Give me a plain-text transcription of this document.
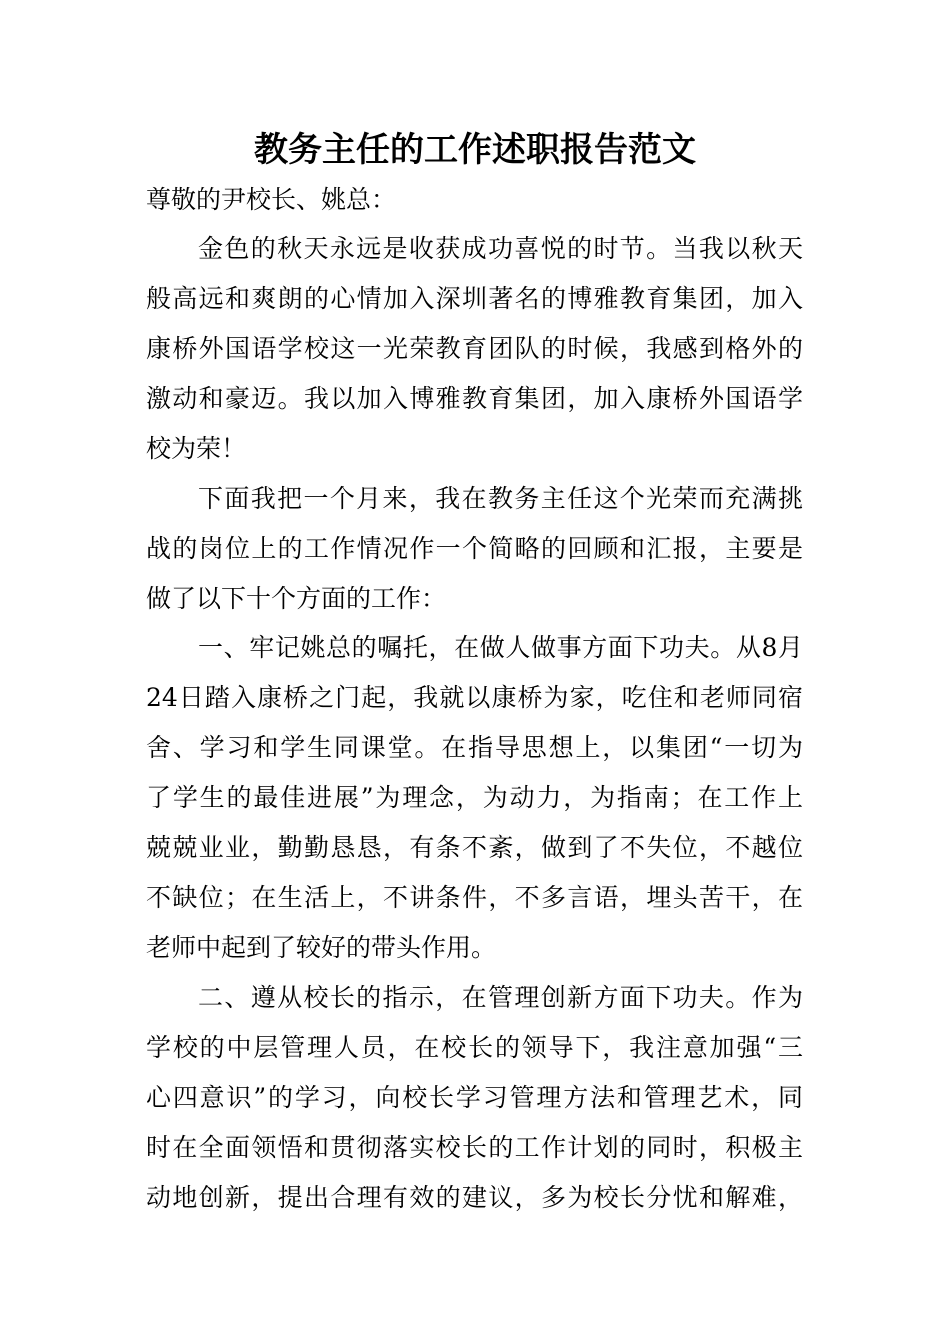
教务主任的工作述职报告范文
尊敬的尹校长、姚总：
金色的秋天永远是收获成功喜悦的时节。当我以秋天
般高远和爽朗的心情加入深圳著名的博雅教育集团，加入
康桥外国语学校这一光荣教育团队的时候，我感到格外的
激动和豪迈。我以加入博雅教育集团，加入康桥外国语学
校为荣！
下面我把一个月来，我在教务主任这个光荣而充满挑
战的岗位上的工作情况作一个简略的回顾和汇报，主要是
做了以下十个方面的工作：
一、牢记姚总的嘱托，在做人做事方面下功夫。从8月
24日踏入康桥之门起，我就以康桥为家，吃住和老师同宿
舍、学习和学生同课堂。在指导思想上，以集团“一切为
了学生的最佳进展”为理念，为动力，为指南；在工作上
兢兢业业，勤勤恳恳，有条不紊，做到了不失位，不越位
不缺位；在生活上，不讲条件，不多言语，埋头苦干，在
老师中起到了较好的带头作用。
二、遵从校长的指示，在管理创新方面下功夫。作为
学校的中层管理人员，在校长的领导下，我注意加强“三
心四意识”的学习，向校长学习管理方法和管理艺术，同
时在全面领悟和贯彻落实校长的工作计划的同时，积极主
动地创新，提出合理有效的建议，多为校长分忧和解难，
